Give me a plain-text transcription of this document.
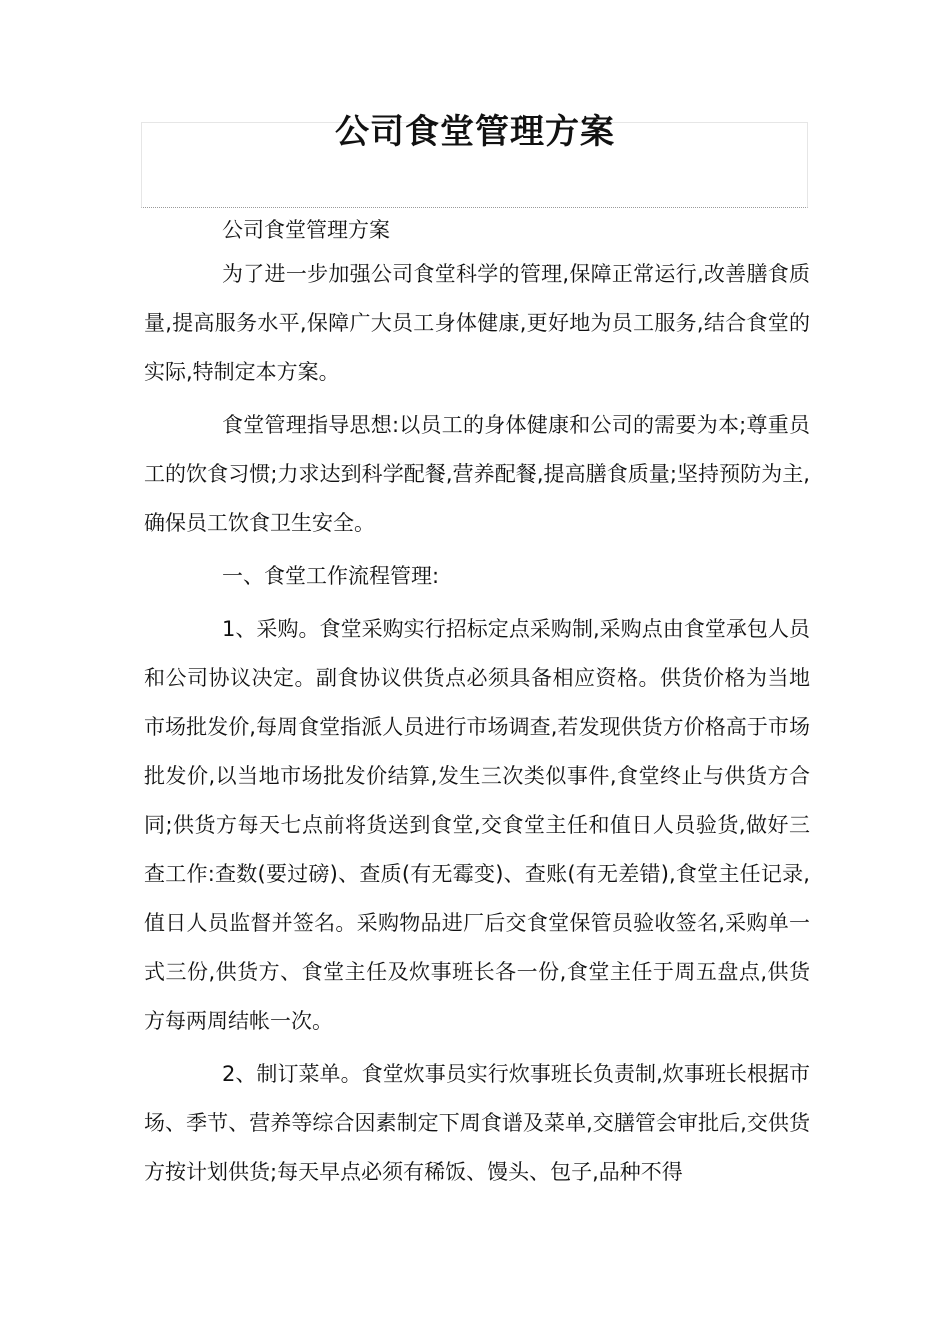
公司食堂管理方案

公司食堂管理方案

为了进一步加强公司食堂科学的管理,保障正常运行,改善膳食质量,提高服务水平,保障广大员工身体健康,更好地为员工服务,结合食堂的实际,特制定本方案。

食堂管理指导思想:以员工的身体健康和公司的需要为本;尊重员工的饮食习惯;力求达到科学配餐,营养配餐,提高膳食质量;坚持预防为主,确保员工饮食卫生安全。

一、食堂工作流程管理:

1、采购。食堂采购实行招标定点采购制,采购点由食堂承包人员和公司协议决定。副食协议供货点必须具备相应资格。供货价格为当地市场批发价,每周食堂指派人员进行市场调查,若发现供货方价格高于市场批发价,以当地市场批发价结算,发生三次类似事件,食堂终止与供货方合同;供货方每天七点前将货送到食堂,交食堂主任和值日人员验货,做好三查工作:查数(要过磅)、查质(有无霉变)、查账(有无差错),食堂主任记录,值日人员监督并签名。采购物品进厂后交食堂保管员验收签名,采购单一式三份,供货方、食堂主任及炊事班长各一份,食堂主任于周五盘点,供货方每两周结帐一次。

2、制订菜单。食堂炊事员实行炊事班长负责制,炊事班长根据市场、季节、营养等综合因素制定下周食谱及菜单,交膳管会审批后,交供货方按计划供货;每天早点必须有稀饭、馒头、包子,品种不得
